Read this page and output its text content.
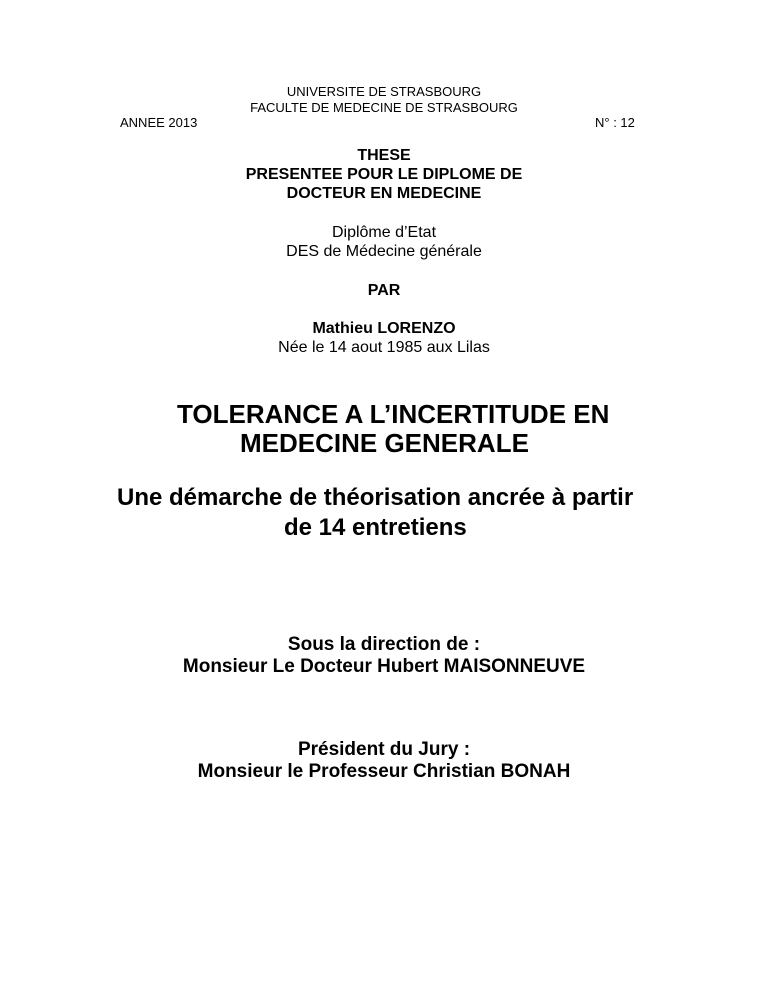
UNIVERSITE DE STRASBOURG
FACULTE DE MEDECINE DE STRASBOURG
ANNEE 2013	N° : 12
THESE
PRESENTEE POUR LE DIPLOME DE
DOCTEUR EN MEDECINE
Diplôme d’Etat
DES de Médecine générale
PAR
Mathieu LORENZO
Née le 14 aout 1985 aux Lilas
TOLERANCE A L’INCERTITUDE EN
MEDECINE GENERALE
Une démarche de théorisation ancrée à partir
de 14 entretiens
Sous la direction de :
Monsieur Le Docteur Hubert MAISONNEUVE
Président du Jury :
Monsieur le Professeur Christian BONAH
